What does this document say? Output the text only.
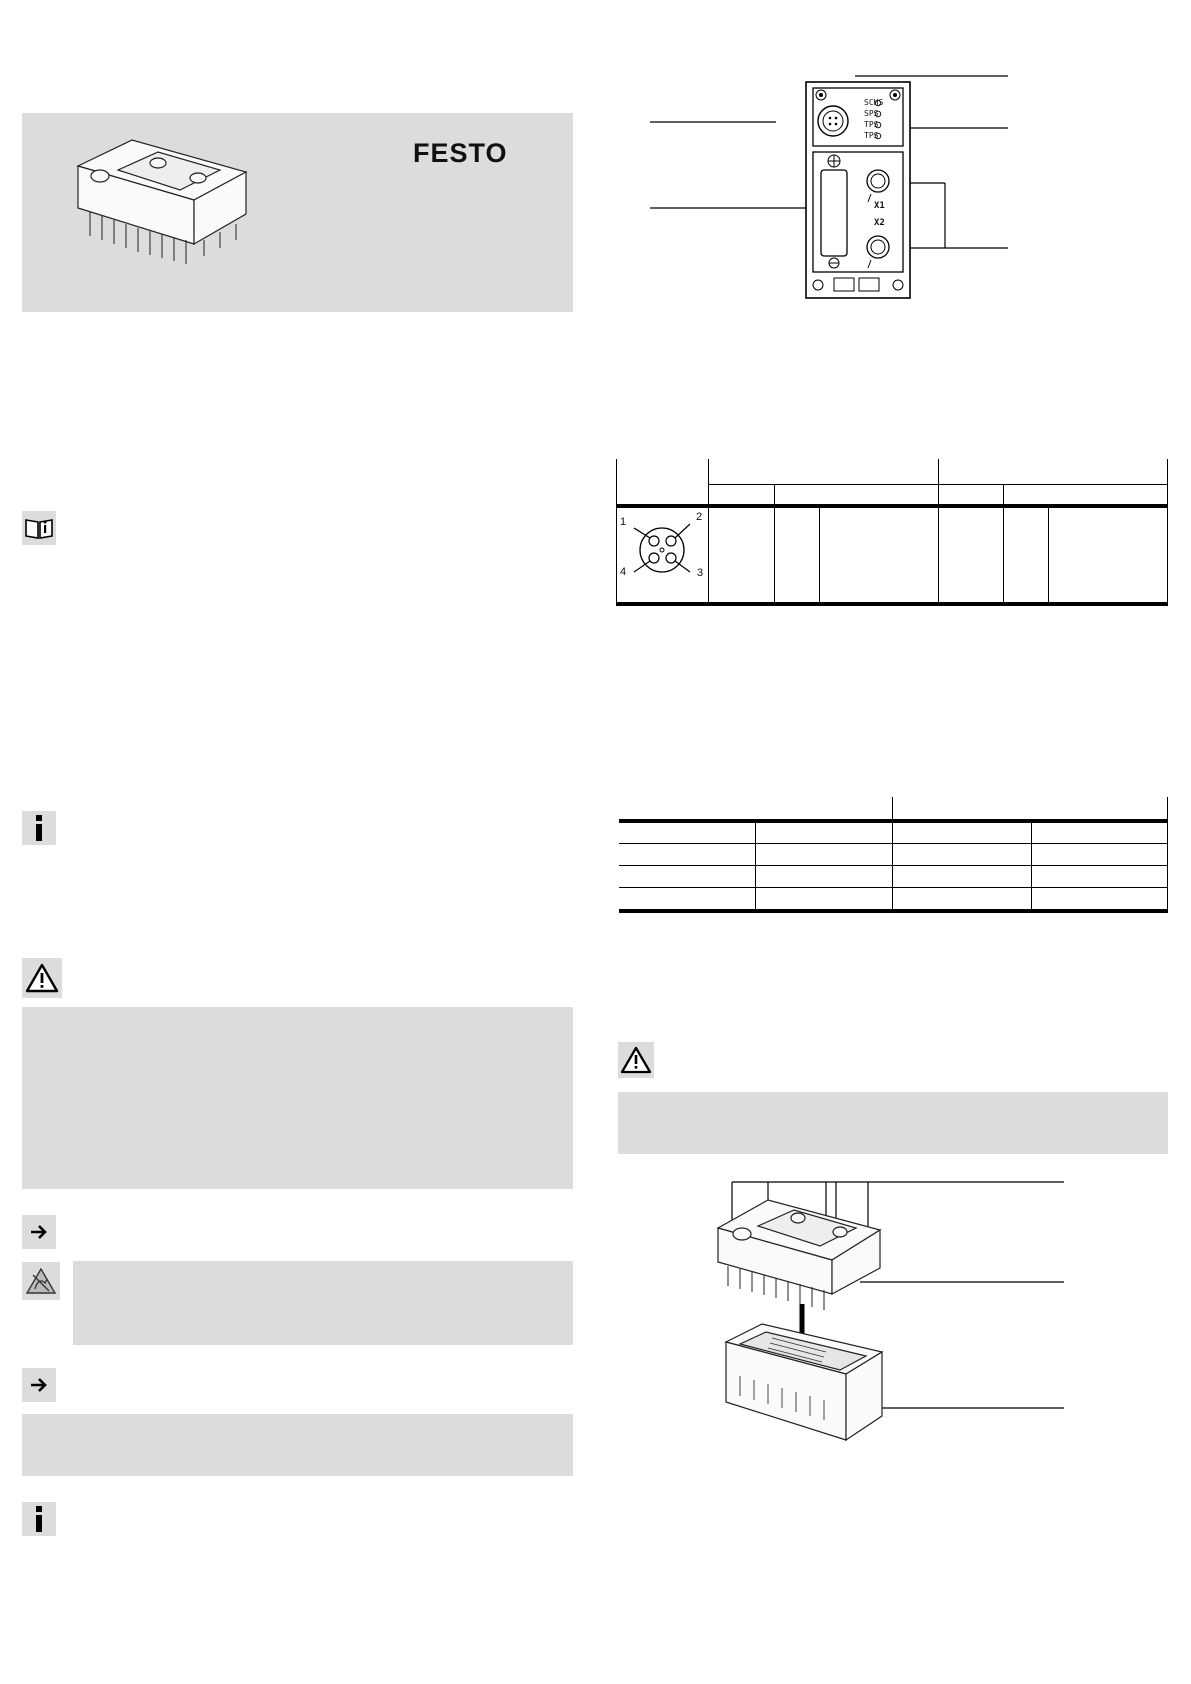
FESTO
SCHS
SPS
TPS
TPS
X1
X2
1	2
3
4
